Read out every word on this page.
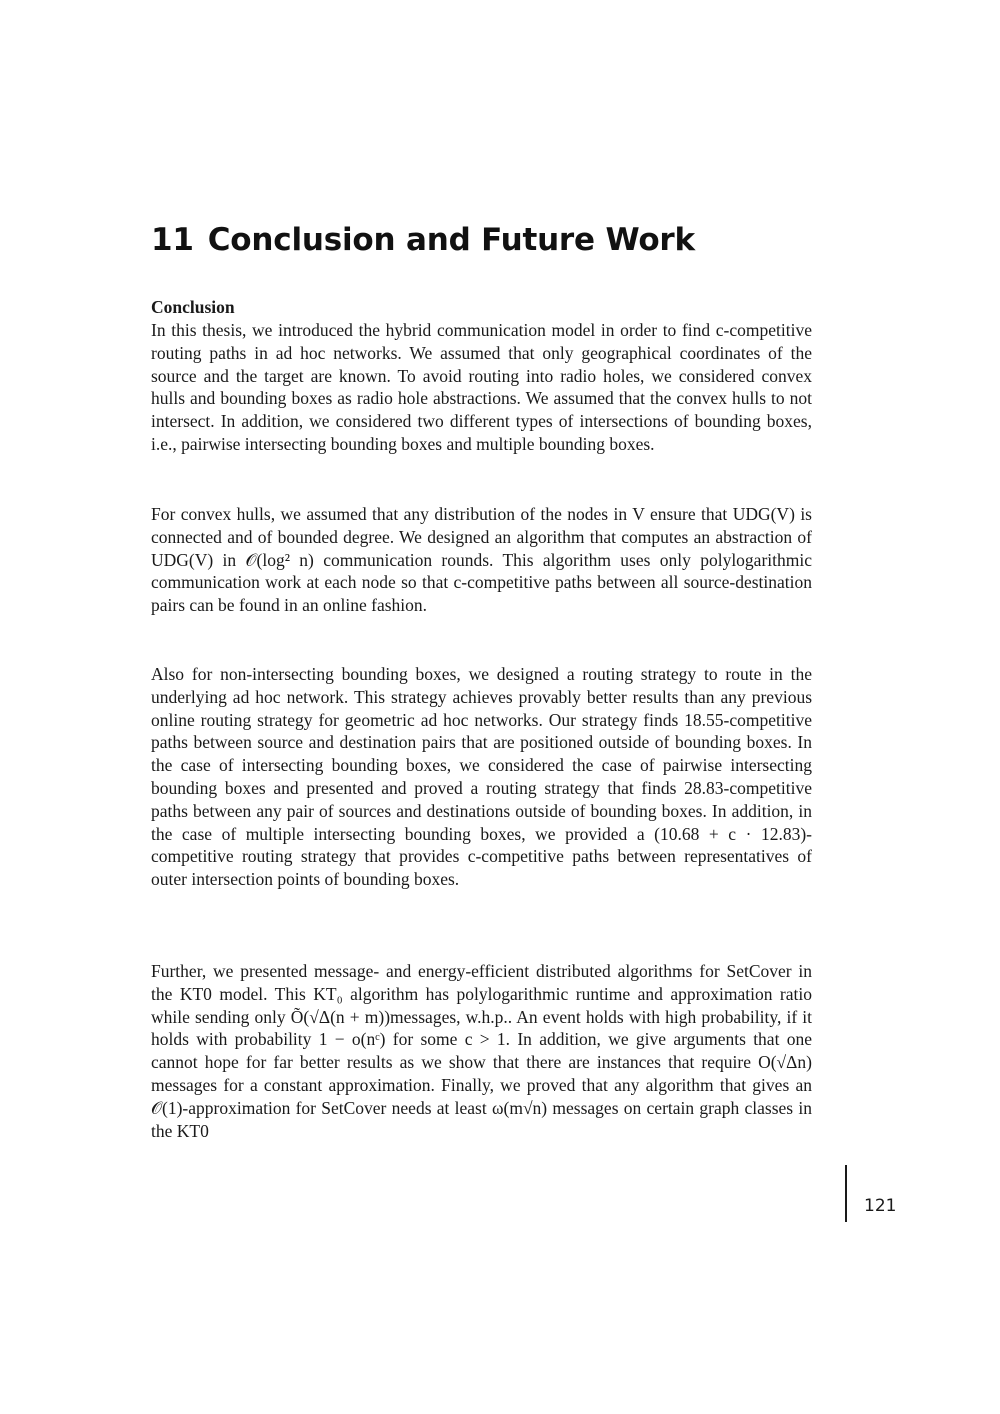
11 Conclusion and Future Work
Conclusion

In this thesis, we introduced the hybrid communication model in order to find c-competitive routing paths in ad hoc networks. We assumed that only geographical coordinates of the source and the target are known. To avoid routing into radio holes, we considered convex hulls and bounding boxes as radio hole abstractions. We assumed that the convex hulls to not intersect. In addition, we considered two different types of intersections of bounding boxes, i.e., pairwise intersecting bounding boxes and multiple bounding boxes.

For convex hulls, we assumed that any distribution of the nodes in V ensure that UDG(V) is connected and of bounded degree. We designed an algorithm that computes an abstraction of UDG(V) in 𝒪(log² n) communication rounds. This algorithm uses only polylogarithmic communication work at each node so that c-competitive paths between all source-destination pairs can be found in an online fashion.

Also for non-intersecting bounding boxes, we designed a routing strategy to route in the underlying ad hoc network. This strategy achieves provably better results than any previous online routing strategy for geometric ad hoc networks. Our strategy finds 18.55-competitive paths between source and destination pairs that are positioned outside of bounding boxes. In the case of intersecting bounding boxes, we considered the case of pairwise intersecting bounding boxes and presented and proved a routing strategy that finds 28.83-competitive paths between any pair of sources and destinations outside of bounding boxes. In addition, in the case of multiple intersecting bounding boxes, we provided a (10.68 + c · 12.83)-competitive routing strategy that provides c-competitive paths between representatives of outer intersection points of bounding boxes.

Further, we presented message- and energy-efficient distributed algorithms for SetCover in the KT0 model. This KT₀ algorithm has polylogarithmic runtime and approximation ratio while sending only Õ(√Δ(n + m))messages, w.h.p.. An event holds with high probability, if it holds with probability 1 − o(nᶜ) for some c > 1. In addition, we give arguments that one cannot hope for far better results as we show that there are instances that require O(√Δn) messages for a constant approximation. Finally, we proved that any algorithm that gives an 𝒪(1)-approximation for SetCover needs at least ω(m√n) messages on certain graph classes in the KT0

121
